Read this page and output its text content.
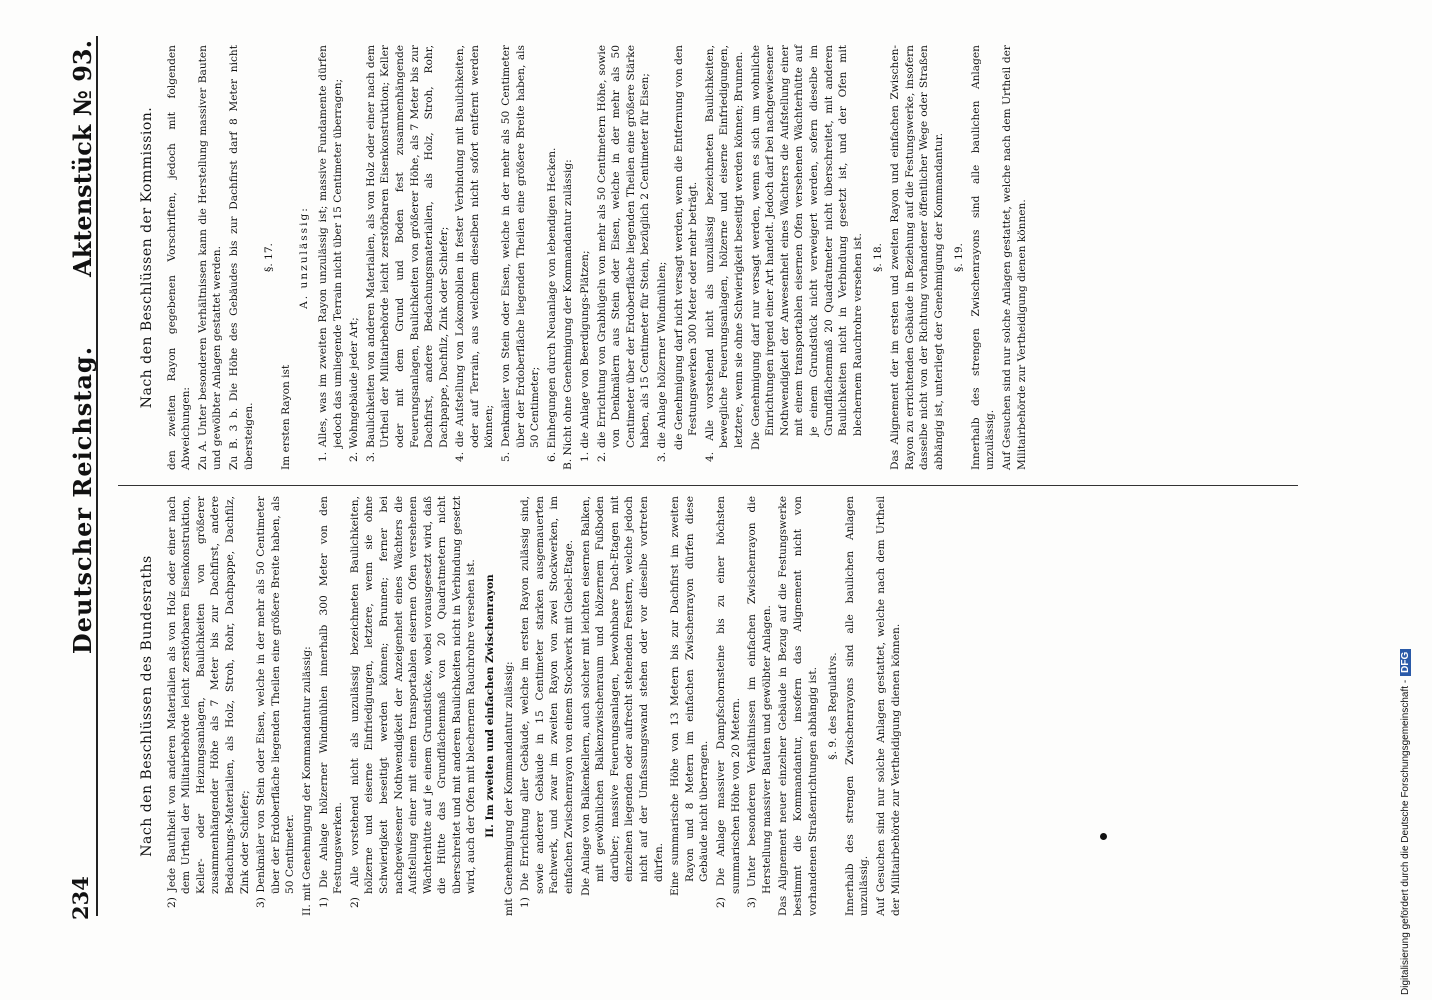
234
Deutscher Reichstag.
Aktenstück № 93.
Nach den Beschlüssen des Bundesraths 2) Jede Bauthkeit von anderen Materialien als von Holz oder einer nach dem Urtheil der Militairbehörde leicht zerstörbaren Eisenkonstruktion, Keller- oder Heizungsanlagen, Baulichkeiten von größerer zusammenhängender Höhe als 7 Meter bis zur Dachfirst, andere Bedachungs-Materialien, als Holz, Stroh, Rohr, Dachpappe, Dachfilz, Zink oder Schiefer; 3) Denkmäler von Stein oder Eisen, welche in der mehr als 50 Centimeter über der Erdoberfläche liegenden Theilen eine größere Breite haben, als 50 Centimeter. II. mit Genehmigung der Kommandantur zulässig: 1) Die Anlage hölzerner Windmühlen innerhalb 300 Meter von den Festungswerken. 2) Alle vorstehend nicht als unzulässig bezeichneten Baulichkeiten, hölzerne und eiserne Einfriedigungen, letztere, wenn sie ohne Schwierigkeit beseitigt werden können; Brunnen; ferner bei nachgewiesener Nothwendigkeit der Anzeigenheit eines Wächters die Aufstellung einer mit einem transportablen eisernen Ofen versehenen Wächterhütte auf je einem Grundstücke, wobei vorausgesetzt wird, daß die Hütte das Grundflächenmaß von 20 Quadratmetern nicht überschreitet und mit anderen Baulichkeiten nicht in Verbindung gesetzt wird, auch der Ofen mit blechernem Rauchrohre versehen ist. II. Im zweiten und einfachen Zwischenrayon mit Genehmigung der Kommandantur zulässig: 1) Die Errichtung aller Gebäude, welche im ersten Rayon zulässig sind, sowie anderer Gebäude in 15 Centimeter starken ausgemauerten Fachwerk, und zwar im zweiten Rayon von zwei Stockwerken, im einfachen Zwischenrayon von einem Stockwerk mit Giebel-Etage. Die Anlage von Balkenkellern, auch solcher mit leichten eisernen Balken, mit gewöhnlichen Balkenzwischenraum und hölzernem Fußboden darüber; massive Feuerungsanlagen, bewohnbare Dach-Etagen mit einzelnen liegenden oder aufrecht stehenden Fenstern, welche jedoch nicht auf der Umfassungswand stehen oder vor dieselbe vortreten dürfen. Eine summarische Höhe von 13 Metern bis zur Dachfirst im zweiten Rayon und 8 Metern im einfachen Zwischenrayon dürfen diese Gebäude nicht überragen. 2) Die Anlage massiver Dampfschornsteine bis zu einer höchsten summarischen Höhe von 20 Metern. 3) Unter besonderen Verhältnissen im einfachen Zwischenrayon die Herstellung massiver Bauten und gewölbter Anlagen. Das Alignement neuer einzelner Gebäude in Bezug auf die Festungswerke bestimmt die Kommandantur, insofern das Alignement nicht von vorhandenen Straßenrichtungen abhängig ist. §. 9. des Regulativs. Innerhalb des strengen Zwischenrayons sind alle baulichen Anlagen unzulässig. Auf Gesuchen sind nur solche Anlagen gestattet, welche nach dem Urtheil der Militairbehörde zur Vertheidigung dienen können.
Nach den Beschlüssen der Kommission. den zweiten Rayon gegebenen Vorschriften, jedoch mit folgenden Abweichungen: Zu A. Unter besonderen Verhältnissen kann die Herstellung massiver Bauten und gewölbter Anlagen gestattet werden. Zu B. 3 b. Die Höhe des Gebäudes bis zur Dachfirst darf 8 Meter nicht übersteigen.
§. 17.
Im ersten Rayon ist
A. unzulässig: 1. Alles, was im zweiten Rayon unzulässig ist; massive Fundamente dürfen jedoch das umliegende Terrain nicht über 15 Centimeter überragen; 2. Wohngebäude jeder Art; 3. Baulichkeiten von anderen Materialien, als von Holz oder einer nach dem Urtheil der Militairbehörde leicht zerstörbaren Eisenkonstruktion; Keller oder mit dem Grund und Boden fest zusammenhängende Feuerungsanlagen, Baulichkeiten von größerer Höhe, als 7 Meter bis zur Dachfirst, andere Bedachungsmaterialien, als Holz, Stroh, Rohr, Dachpappe, Dachfilz, Zink oder Schiefer; 4. die Aufstellung von Lokomobilen in fester Verbindung mit Baulichkeiten, oder auf Terrain, aus welchem dieselben nicht sofort entfernt werden können; 5. Denkmäler von Stein oder Eisen, welche in der mehr als 50 Centimeter über der Erdoberfläche liegenden Theilen eine größere Breite haben, als 50 Centimeter; 6. Einhegungen durch Neuanlage von lebendigen Hecken. B. Nicht ohne Genehmigung der Kommandantur zulässig: 1. die Anlage von Beerdigungs-Plätzen; 2. die Errichtung von Grabhügeln von mehr als 50 Centimetern Höhe, sowie von Denkmälern aus Stein oder Eisen, welche in der mehr als 50 Centimeter über der Erdoberfläche liegenden Theilen eine größere Stärke haben, als 15 Centimeter für Stein, bezüglich 2 Centimeter für Eisen; 3. die Anlage hölzerner Windmühlen; die Genehmigung darf nicht versagt werden, wenn die Entfernung von den Festungswerken 300 Meter oder mehr beträgt. 4. Alle vorstehend nicht als unzulässig bezeichneten Baulichkeiten, bewegliche Feuerungsanlagen, hölzerne und eiserne Einfriedigungen, letztere, wenn sie ohne Schwierigkeit beseitigt werden können; Brunnen. Die Genehmigung darf nur versagt werden, wenn es sich um wohnliche Einrichtungen irgend einer Art handelt. Jedoch darf bei nachgewiesener Nothwendigkeit der Anwesenheit eines Wächters die Aufstellung einer mit einem transportablen eisernen Ofen versehenen Wächterhütte auf je einem Grundstück nicht verweigert werden, sofern dieselbe im Grundflächenmaß 20 Quadratmeter nicht überschreitet, mit anderen Baulichkeiten nicht in Verbindung gesetzt ist, und der Ofen mit blechernem Rauchrohre versehen ist. §. 18. Das Alignement der im ersten und zweiten Rayon und einfachen Zwischen-Rayon zu errichtenden Gebäude in Beziehung auf die Festungswerke, insofern dasselbe nicht von der Richtung vorhandener öffentlicher Wege oder Straßen abhängig ist, unterliegt der Genehmigung der Kommandantur. §. 19. Innerhalb des strengen Zwischenrayons sind alle baulichen Anlagen unzulässig. Auf Gesuchen sind nur solche Anlagen gestattet, welche nach dem Urtheil der Militairbehörde zur Vertheidigung dienen können.
Digitalisierung gefördert durch die Deutsche Forschungsgemeinschaft -DFG
